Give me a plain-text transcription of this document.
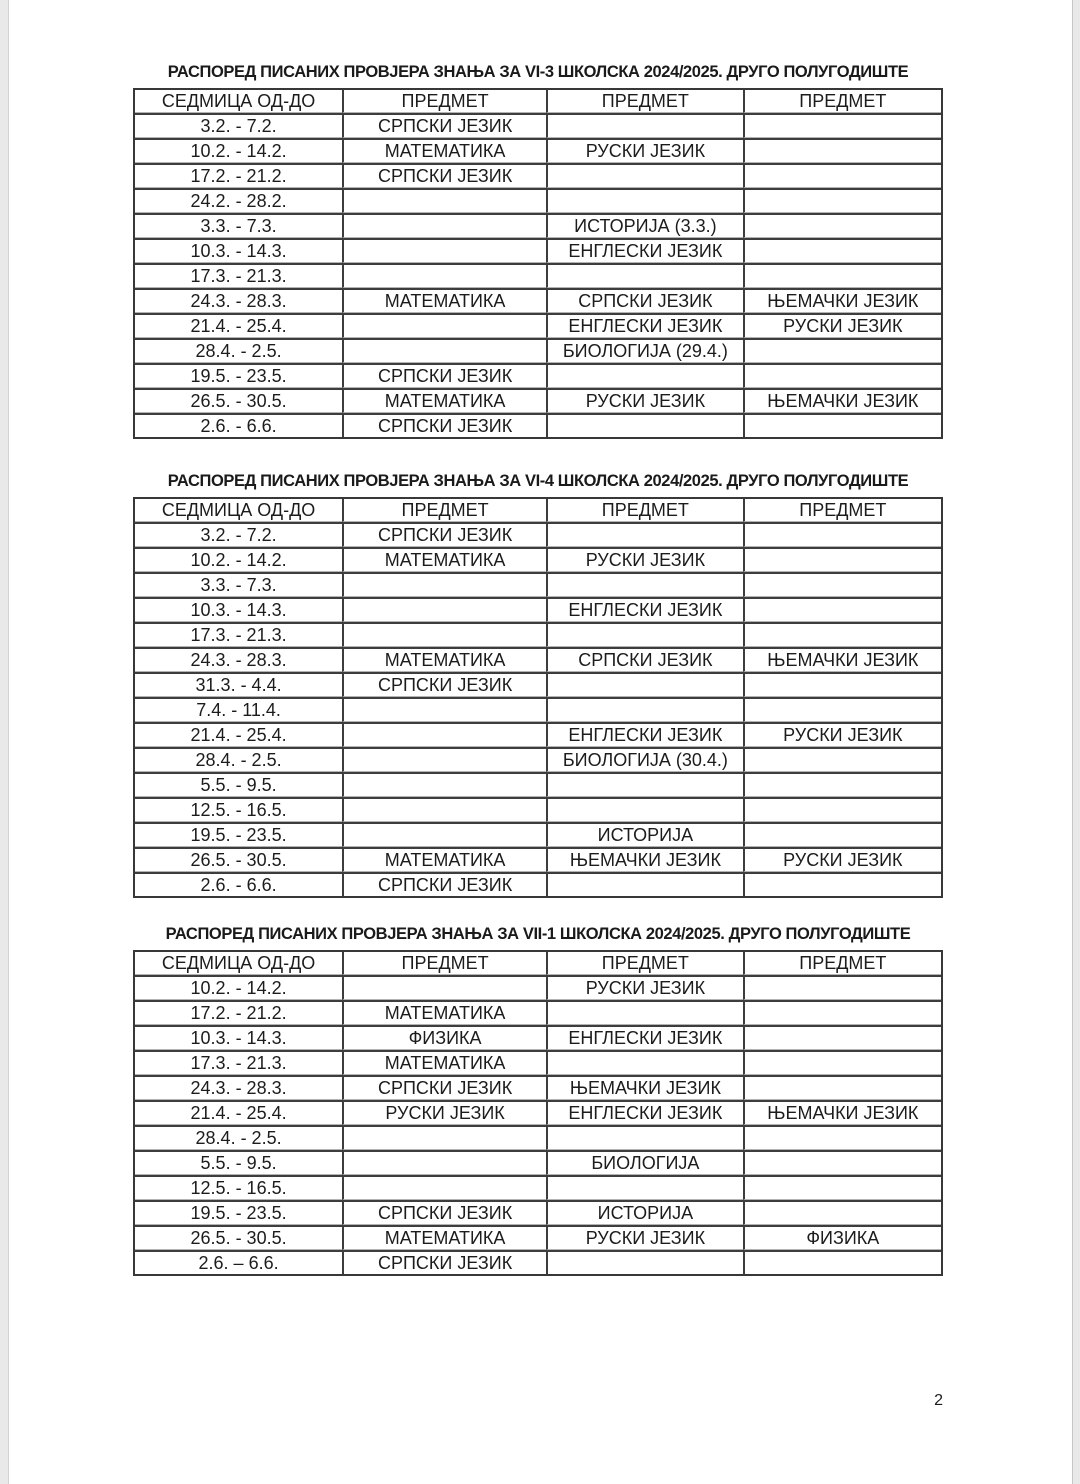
РАСПОРЕД ПИСАНИХ ПРОВЈЕРА ЗНАЊА ЗА VI-3 ШКОЛСКА 2024/2025. ДРУГО ПОЛУГОДИШТЕ
СЕДМИЦА ОД-ДО	ПРЕДМЕТ	ПРЕДМЕТ	ПРЕДМЕТ
3.2. - 7.2.	СРПСКИ ЈЕЗИК		
10.2. - 14.2.	МАТЕМАТИКА	РУСКИ ЈЕЗИК	
17.2. - 21.2.	СРПСКИ ЈЕЗИК		
24.2. - 28.2.			
3.3. - 7.3.		ИСТОРИЈА (3.3.)	
10.3. - 14.3.		ЕНГЛЕСКИ ЈЕЗИК	
17.3. - 21.3.			
24.3. - 28.3.	МАТЕМАТИКА	СРПСКИ ЈЕЗИК	ЊЕМАЧКИ ЈЕЗИК
21.4. - 25.4.		ЕНГЛЕСКИ ЈЕЗИК	РУСКИ ЈЕЗИК
28.4. - 2.5.		БИОЛОГИЈА (29.4.)	
19.5. - 23.5.	СРПСКИ ЈЕЗИК		
26.5. - 30.5.	МАТЕМАТИКА	РУСКИ ЈЕЗИК	ЊЕМАЧКИ ЈЕЗИК
2.6. - 6.6.	СРПСКИ ЈЕЗИК		
РАСПОРЕД ПИСАНИХ ПРОВЈЕРА ЗНАЊА ЗА VI-4 ШКОЛСКА 2024/2025. ДРУГО ПОЛУГОДИШТЕ
СЕДМИЦА ОД-ДО	ПРЕДМЕТ	ПРЕДМЕТ	ПРЕДМЕТ
3.2. - 7.2.	СРПСКИ ЈЕЗИК		
10.2. - 14.2.	МАТЕМАТИКА	РУСКИ ЈЕЗИК	
3.3. - 7.3.			
10.3. - 14.3.		ЕНГЛЕСКИ ЈЕЗИК	
17.3. - 21.3.			
24.3. - 28.3.	МАТЕМАТИКА	СРПСКИ ЈЕЗИК	ЊЕМАЧКИ ЈЕЗИК
31.3. - 4.4.	СРПСКИ ЈЕЗИК		
7.4. - 11.4.			
21.4. - 25.4.		ЕНГЛЕСКИ ЈЕЗИК	РУСКИ ЈЕЗИК
28.4. - 2.5.		БИОЛОГИЈА (30.4.)	
5.5. - 9.5.			
12.5. - 16.5.			
19.5. - 23.5.		ИСТОРИЈА	
26.5. - 30.5.	МАТЕМАТИКА	ЊЕМАЧКИ ЈЕЗИК	РУСКИ ЈЕЗИК
2.6. - 6.6.	СРПСКИ ЈЕЗИК		
РАСПОРЕД ПИСАНИХ ПРОВЈЕРА ЗНАЊА ЗА VII-1 ШКОЛСКА 2024/2025. ДРУГО ПОЛУГОДИШТЕ
СЕДМИЦА ОД-ДО	ПРЕДМЕТ	ПРЕДМЕТ	ПРЕДМЕТ
10.2. - 14.2.		РУСКИ ЈЕЗИК	
17.2. - 21.2.	МАТЕМАТИКА		
10.3. - 14.3.	ФИЗИКА	ЕНГЛЕСКИ ЈЕЗИК	
17.3. - 21.3.	МАТЕМАТИКА		
24.3. - 28.3.	СРПСКИ ЈЕЗИК	ЊЕМАЧКИ ЈЕЗИК	
21.4. - 25.4.	РУСКИ ЈЕЗИК	ЕНГЛЕСКИ ЈЕЗИК	ЊЕМАЧКИ ЈЕЗИК
28.4. - 2.5.			
5.5. - 9.5.		БИОЛОГИЈА	
12.5. - 16.5.			
19.5. - 23.5.	СРПСКИ ЈЕЗИК	ИСТОРИЈА	
26.5. - 30.5.	МАТЕМАТИКА	РУСКИ ЈЕЗИК	ФИЗИКА
2.6. – 6.6.	СРПСКИ ЈЕЗИК		
2
